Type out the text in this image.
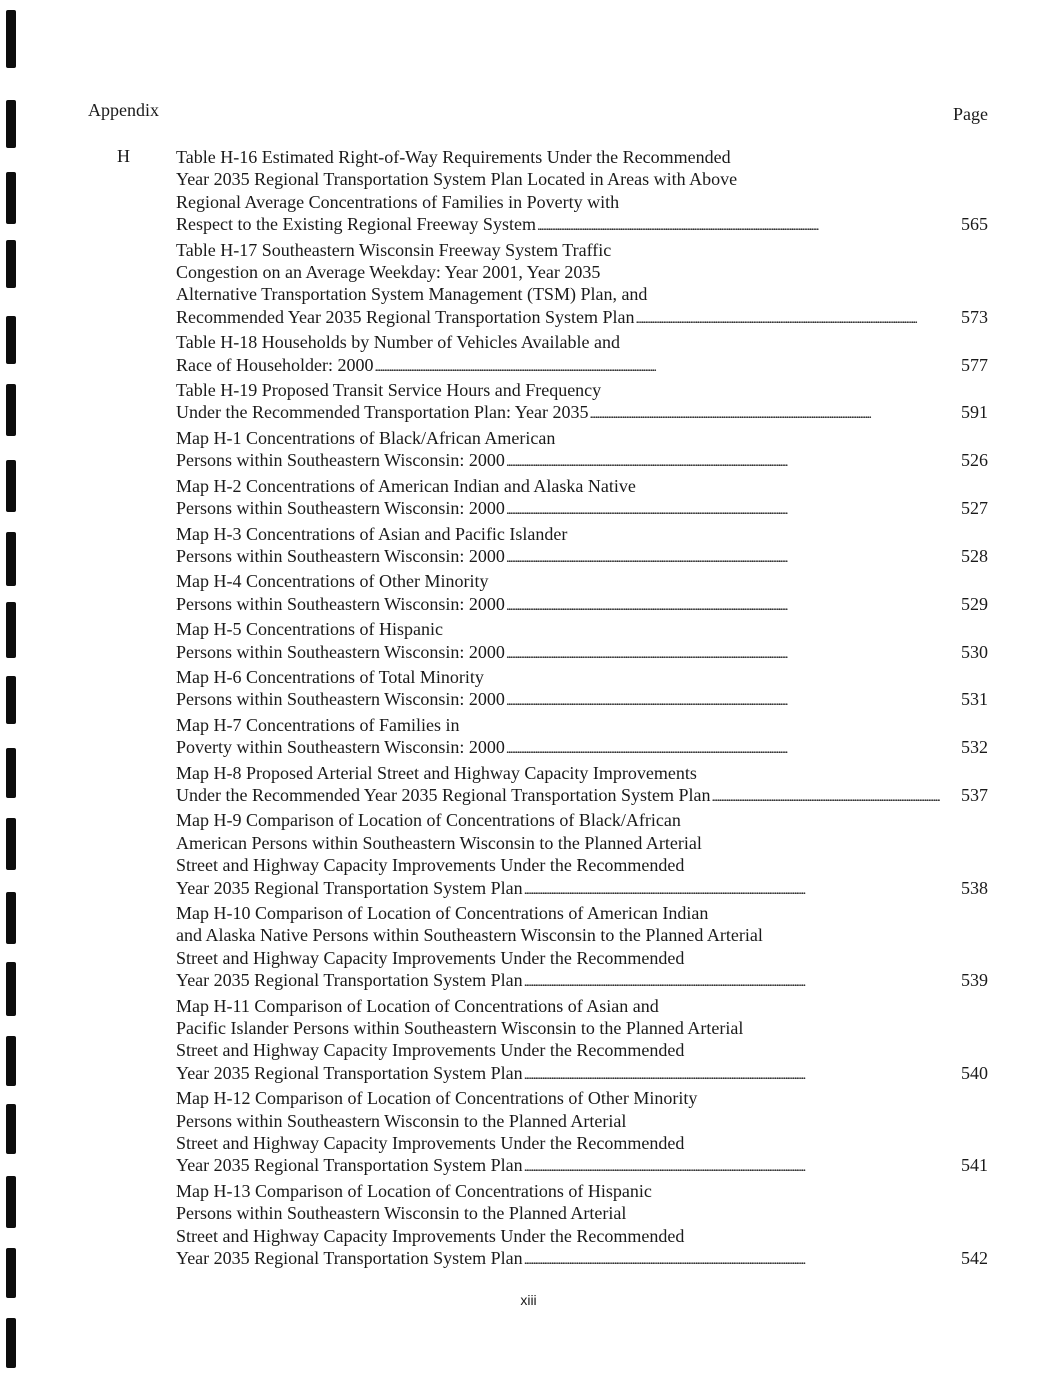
Appendix	Page
H	Table H-16 Estimated Right-of-Way Requirements Under the Recommended
Year 2035 Regional Transportation System Plan Located in Areas with Above
Regional Average Concentrations of Families in Poverty with
Respect to the Existing Regional Freeway System . . .	565
Table H-17 Southeastern Wisconsin Freeway System Traffic
Congestion on an Average Weekday: Year 2001, Year 2035
Alternative Transportation System Management (TSM) Plan, and
Recommended Year 2035 Regional Transportation System Plan . . .	573
Table H-18 Households by Number of Vehicles Available and
Race of Householder: 2000 . . .	577
Table H-19 Proposed Transit Service Hours and Frequency
Under the Recommended Transportation Plan: Year 2035 . . .	591
Map H-1 Concentrations of Black/African American
Persons within Southeastern Wisconsin: 2000 . . .	526
Map H-2 Concentrations of American Indian and Alaska Native
Persons within Southeastern Wisconsin: 2000 . . .	527
Map H-3 Concentrations of Asian and Pacific Islander
Persons within Southeastern Wisconsin: 2000 . . .	528
Map H-4 Concentrations of Other Minority
Persons within Southeastern Wisconsin: 2000 . . .	529
Map H-5 Concentrations of Hispanic
Persons within Southeastern Wisconsin: 2000 . . .	530
Map H-6 Concentrations of Total Minority
Persons within Southeastern Wisconsin: 2000 . . .	531
Map H-7 Concentrations of Families in
Poverty within Southeastern Wisconsin: 2000 . . .	532
Map H-8 Proposed Arterial Street and Highway Capacity Improvements
Under the Recommended Year 2035 Regional Transportation System Plan . . .	537
Map H-9 Comparison of Location of Concentrations of Black/African
American Persons within Southeastern Wisconsin to the Planned Arterial
Street and Highway Capacity Improvements Under the Recommended
Year 2035 Regional Transportation System Plan . . .	538
Map H-10 Comparison of Location of Concentrations of American Indian
and Alaska Native Persons within Southeastern Wisconsin to the Planned Arterial
Street and Highway Capacity Improvements Under the Recommended
Year 2035 Regional Transportation System Plan . . .	539
Map H-11 Comparison of Location of Concentrations of Asian and
Pacific Islander Persons within Southeastern Wisconsin to the Planned Arterial
Street and Highway Capacity Improvements Under the Recommended
Year 2035 Regional Transportation System Plan . . .	540
Map H-12 Comparison of Location of Concentrations of Other Minority
Persons within Southeastern Wisconsin to the Planned Arterial
Street and Highway Capacity Improvements Under the Recommended
Year 2035 Regional Transportation System Plan . . .	541
Map H-13 Comparison of Location of Concentrations of Hispanic
Persons within Southeastern Wisconsin to the Planned Arterial
Street and Highway Capacity Improvements Under the Recommended
Year 2035 Regional Transportation System Plan . . .	542
xiii
